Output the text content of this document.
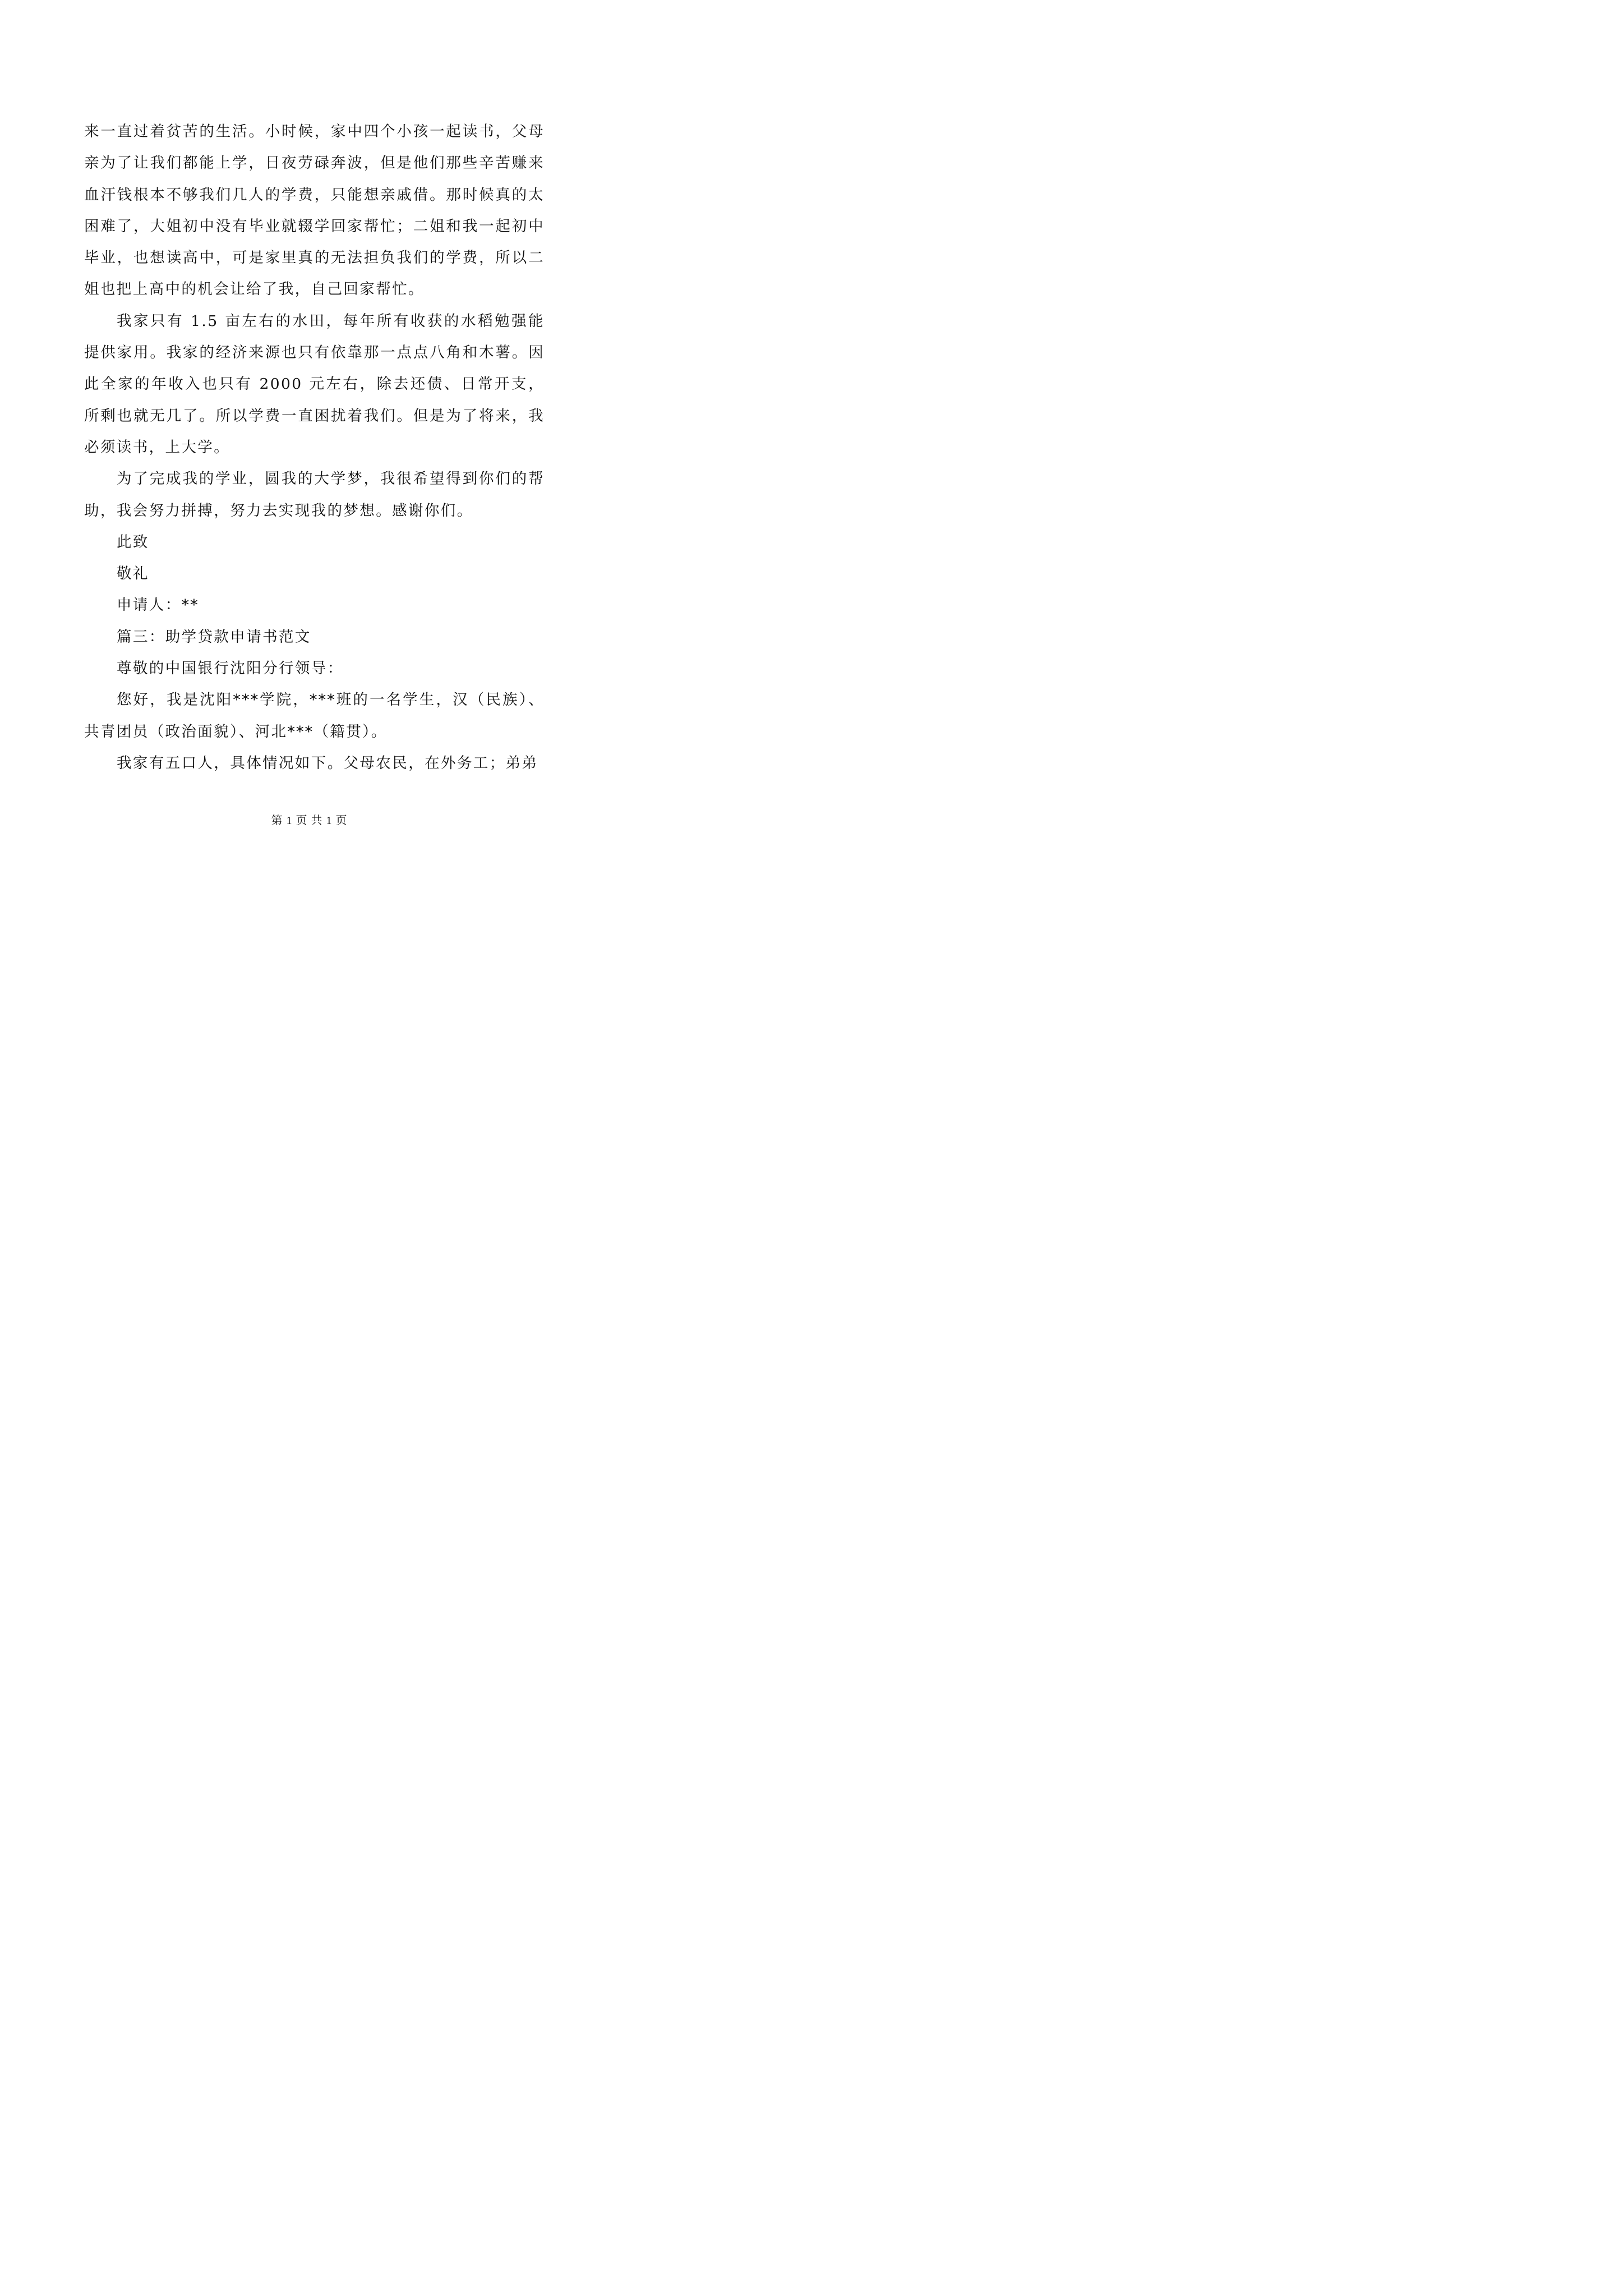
来一直过着贫苦的生活。小时候，家中四个小孩一起读书，父母亲为了让我们都能上学，日夜劳碌奔波，但是他们那些辛苦赚来血汗钱根本不够我们几人的学费，只能想亲戚借。那时候真的太困难了，大姐初中没有毕业就辍学回家帮忙；二姐和我一起初中毕业，也想读高中，可是家里真的无法担负我们的学费，所以二姐也把上高中的机会让给了我，自己回家帮忙。

我家只有 1.5 亩左右的水田，每年所有收获的水稻勉强能提供家用。我家的经济来源也只有依靠那一点点八角和木薯。因此全家的年收入也只有 2000 元左右，除去还债、日常开支，所剩也就无几了。所以学费一直困扰着我们。但是为了将来，我必须读书，上大学。

为了完成我的学业，圆我的大学梦，我很希望得到你们的帮助，我会努力拼搏，努力去实现我的梦想。感谢你们。

此致

敬礼

申请人：**

篇三：助学贷款申请书范文

尊敬的中国银行沈阳分行领导：

您好，我是沈阳***学院，***班的一名学生，汉（民族）、共青团员（政治面貌）、河北***（籍贯）。

我家有五口人，具体情况如下。父母农民，在外务工；弟弟

第 1 页 共 1 页
